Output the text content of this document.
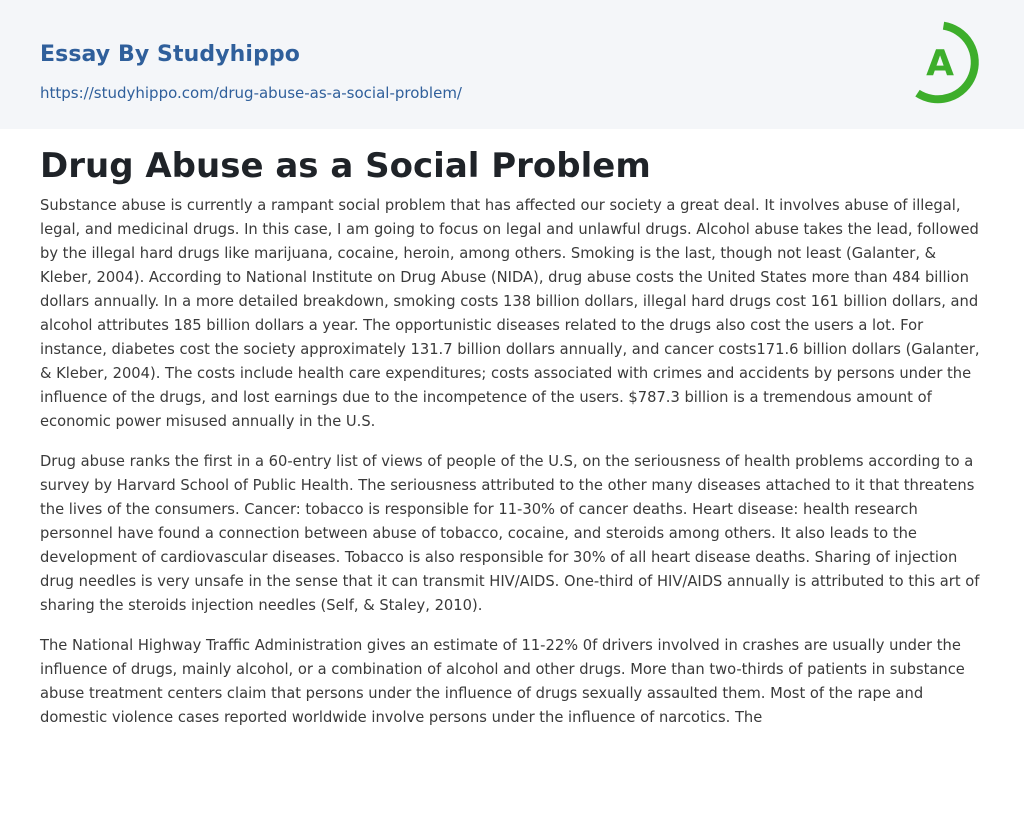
Essay By Studyhippo
https://studyhippo.com/drug-abuse-as-a-social-problem/
A
Drug Abuse as a Social Problem

Substance abuse is currently a rampant social problem that has affected our society a great deal. It involves abuse of illegal, legal, and medicinal drugs. In this case, I am going to focus on legal and unlawful drugs. Alcohol abuse takes the lead, followed by the illegal hard drugs like marijuana, cocaine, heroin, among others. Smoking is the last, though not least (Galanter, & Kleber, 2004). According to National Institute on Drug Abuse (NIDA), drug abuse costs the United States more than 484 billion dollars annually. In a more detailed breakdown, smoking costs 138 billion dollars, illegal hard drugs cost 161 billion dollars, and alcohol attributes 185 billion dollars a year. The opportunistic diseases related to the drugs also cost the users a lot. For instance, diabetes cost the society approximately 131.7 billion dollars annually, and cancer costs171.6 billion dollars (Galanter, & Kleber, 2004). The costs include health care expenditures; costs associated with crimes and accidents by persons under the influence of the drugs, and lost earnings due to the incompetence of the users. $787.3 billion is a tremendous amount of economic power misused annually in the U.S.

Drug abuse ranks the first in a 60-entry list of views of people of the U.S, on the seriousness of health problems according to a survey by Harvard School of Public Health. The seriousness attributed to the other many diseases attached to it that threatens the lives of the consumers. Cancer: tobacco is responsible for 11-30% of cancer deaths. Heart disease: health research personnel have found a connection between abuse of tobacco, cocaine, and steroids among others. It also leads to the development of cardiovascular diseases. Tobacco is also responsible for 30% of all heart disease deaths. Sharing of injection drug needles is very unsafe in the sense that it can transmit HIV/AIDS. One-third of HIV/AIDS annually is attributed to this art of sharing the steroids injection needles (Self, & Staley, 2010).

The National Highway Traffic Administration gives an estimate of 11-22% 0f drivers involved in crashes are usually under the influence of drugs, mainly alcohol, or a combination of alcohol and other drugs. More than two-thirds of patients in substance abuse treatment centers claim that persons under the influence of drugs sexually assaulted them. Most of the rape and domestic violence cases reported worldwide involve persons under the influence of narcotics. The
